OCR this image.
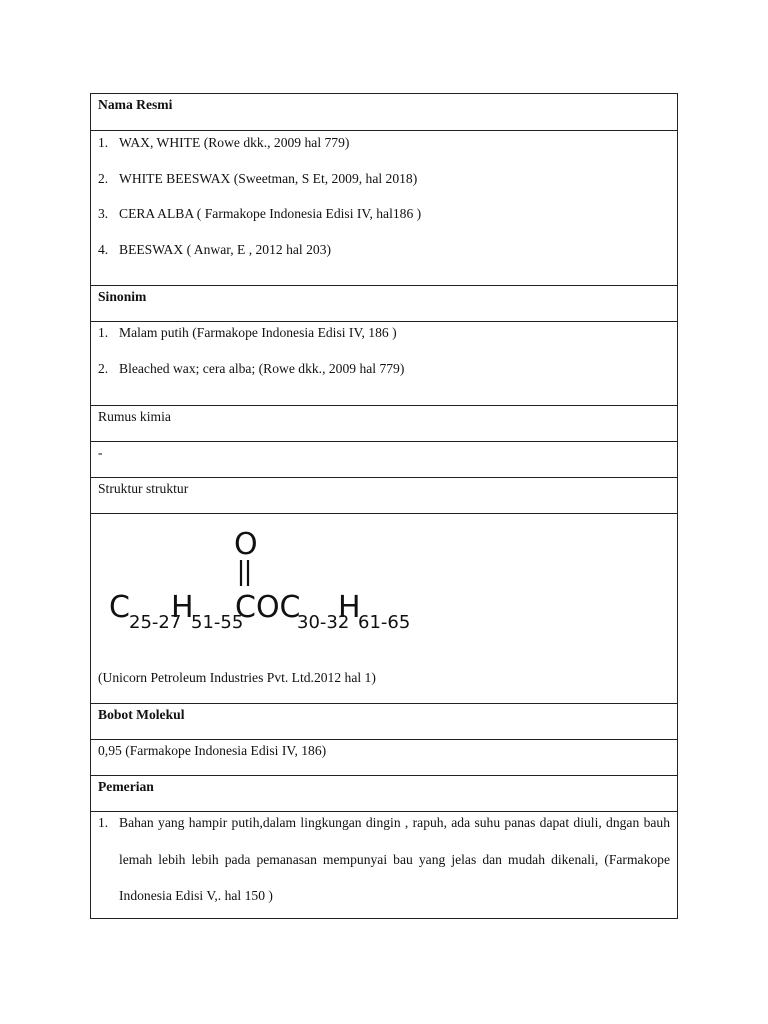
Nama Resmi
1. WAX, WHITE (Rowe dkk., 2009 hal 779)
2. WHITE BEESWAX (Sweetman, S Et, 2009, hal 2018)
3. CERA ALBA ( Farmakope Indonesia Edisi IV, hal186 )
4. BEESWAX ( Anwar, E , 2012 hal 203)
Sinonim
1. Malam putih (Farmakope Indonesia Edisi IV, 186 )
2. Bleached wax; cera alba; (Rowe dkk., 2009 hal 779)
Rumus kimia
-
Struktur struktur
O
C 25-27
H
51-55
COC
30-32
H
61-65
(Unicorn Petroleum Industries Pvt. Ltd.2012 hal 1)
Bobot Molekul
0,95 (Farmakope Indonesia Edisi IV, 186)
Pemerian
1. Bahan yang hampir putih,dalam lingkungan dingin , rapuh, ada suhu panas dapat diuli, dngan bauh lemah lebih lebih pada pemanasan mempunyai bau yang jelas dan mudah dikenali, (Farmakope Indonesia Edisi V,. hal 150 )
